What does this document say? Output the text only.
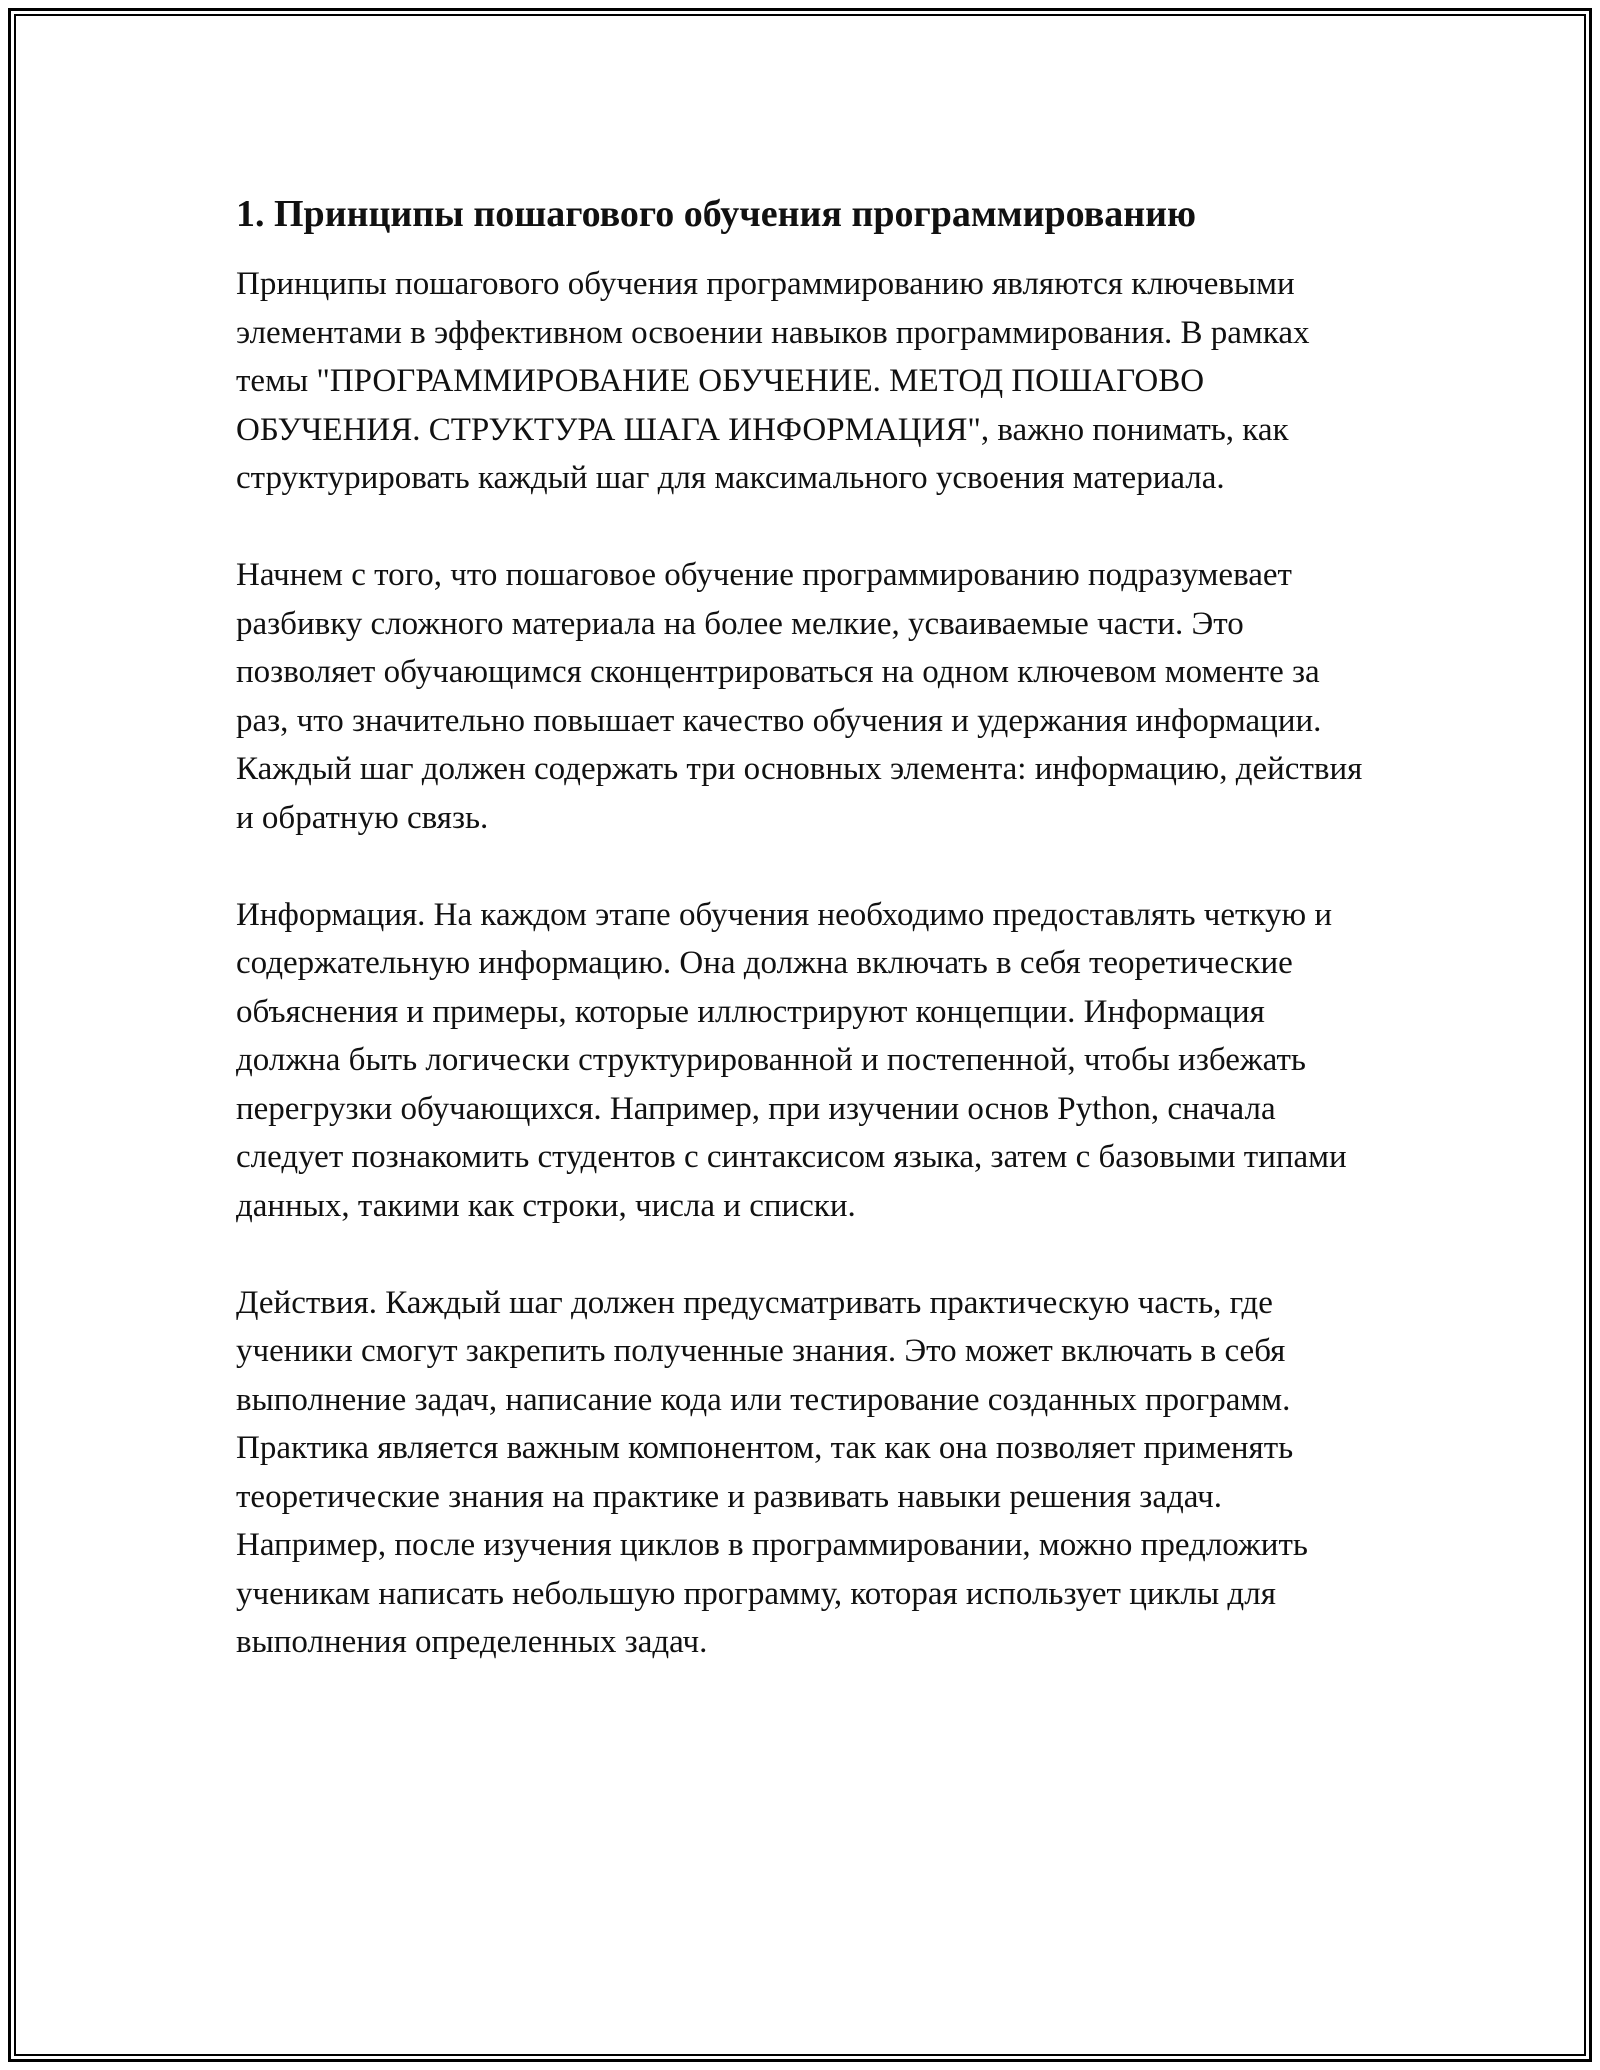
1. Принципы пошагового обучения программированию

Принципы пошагового обучения программированию являются ключевыми элементами в эффективном освоении навыков программирования. В рамках темы "ПРОГРАММИРОВАНИЕ ОБУЧЕНИЕ. МЕТОД ПОШАГОВО ОБУЧЕНИЯ. СТРУКТУРА ШАГА ИНФОРМАЦИЯ", важно понимать, как структурировать каждый шаг для максимального усвоения материала.

Начнем с того, что пошаговое обучение программированию подразумевает разбивку сложного материала на более мелкие, усваиваемые части. Это позволяет обучающимся сконцентрироваться на одном ключевом моменте за раз, что значительно повышает качество обучения и удержания информации. Каждый шаг должен содержать три основных элемента: информацию, действия и обратную связь.

Информация. На каждом этапе обучения необходимо предоставлять четкую и содержательную информацию. Она должна включать в себя теоретические объяснения и примеры, которые иллюстрируют концепции. Информация должна быть логически структурированной и постепенной, чтобы избежать перегрузки обучающихся. Например, при изучении основ Python, сначала следует познакомить студентов с синтаксисом языка, затем с базовыми типами данных, такими как строки, числа и списки.

Действия. Каждый шаг должен предусматривать практическую часть, где ученики смогут закрепить полученные знания. Это может включать в себя выполнение задач, написание кода или тестирование созданных программ. Практика является важным компонентом, так как она позволяет применять теоретические знания на практике и развивать навыки решения задач. Например, после изучения циклов в программировании, можно предложить ученикам написать небольшую программу, которая использует циклы для выполнения определенных задач.
